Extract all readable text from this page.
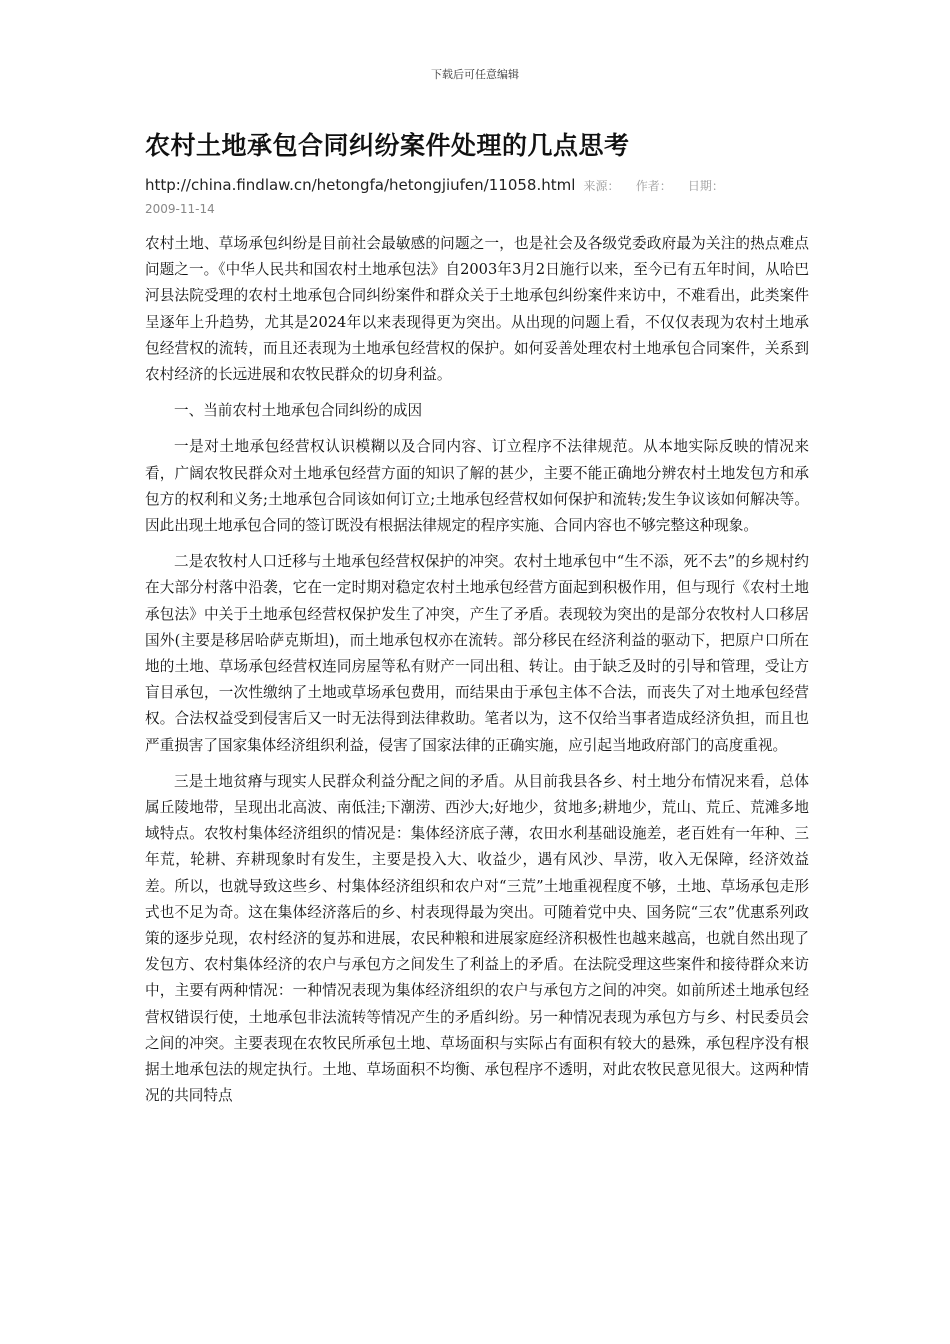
下载后可任意编辑
农村土地承包合同纠纷案件处理的几点思考
http://china.findlaw.cn/hetongfa/hetongjiufen/11058.html 来源： 作者： 日期：
2009-11-14

农村土地、草场承包纠纷是目前社会最敏感的问题之一，也是社会及各级党委政府最为关注的热点难点问题之一。《中华人民共和国农村土地承包法》自2003年3月2日施行以来，至今已有五年时间，从哈巴河县法院受理的农村土地承包合同纠纷案件和群众关于土地承包纠纷案件来访中，不难看出，此类案件呈逐年上升趋势，尤其是2024年以来表现得更为突出。从出现的问题上看，不仅仅表现为农村土地承包经营权的流转，而且还表现为土地承包经营权的保护。如何妥善处理农村土地承包合同案件，关系到农村经济的长远进展和农牧民群众的切身利益。

一、当前农村土地承包合同纠纷的成因

一是对土地承包经营权认识模糊以及合同内容、订立程序不法律规范。从本地实际反映的情况来看，广阔农牧民群众对土地承包经营方面的知识了解的甚少，主要不能正确地分辨农村土地发包方和承包方的权利和义务;土地承包合同该如何订立;土地承包经营权如何保护和流转;发生争议该如何解决等。因此出现土地承包合同的签订既没有根据法律规定的程序实施、合同内容也不够完整这种现象。

二是农牧村人口迁移与土地承包经营权保护的冲突。农村土地承包中“生不添，死不去”的乡规村约在大部分村落中沿袭，它在一定时期对稳定农村土地承包经营方面起到积极作用，但与现行《农村土地承包法》中关于土地承包经营权保护发生了冲突，产生了矛盾。表现较为突出的是部分农牧村人口移居国外(主要是移居哈萨克斯坦)，而土地承包权亦在流转。部分移民在经济利益的驱动下，把原户口所在地的土地、草场承包经营权连同房屋等私有财产一同出租、转让。由于缺乏及时的引导和管理，受让方盲目承包，一次性缴纳了土地或草场承包费用，而结果由于承包主体不合法，而丧失了对土地承包经营权。合法权益受到侵害后又一时无法得到法律救助。笔者以为，这不仅给当事者造成经济负担，而且也严重损害了国家集体经济组织利益，侵害了国家法律的正确实施，应引起当地政府部门的高度重视。

三是土地贫瘠与现实人民群众利益分配之间的矛盾。从目前我县各乡、村土地分布情况来看，总体属丘陵地带，呈现出北高波、南低洼;下潮涝、西沙大;好地少，贫地多;耕地少，荒山、荒丘、荒滩多地域特点。农牧村集体经济组织的情况是：集体经济底子薄，农田水利基础设施差，老百姓有一年种、三年荒，轮耕、弃耕现象时有发生，主要是投入大、收益少，遇有风沙、旱涝，收入无保障，经济效益差。所以，也就导致这些乡、村集体经济组织和农户对“三荒”土地重视程度不够，土地、草场承包走形式也不足为奇。这在集体经济落后的乡、村表现得最为突出。可随着党中央、国务院“三农”优惠系列政策的逐步兑现，农村经济的复苏和进展，农民种粮和进展家庭经济积极性也越来越高，也就自然出现了发包方、农村集体经济的农户与承包方之间发生了利益上的矛盾。在法院受理这些案件和接待群众来访中，主要有两种情况：一种情况表现为集体经济组织的农户与承包方之间的冲突。如前所述土地承包经营权错误行使，土地承包非法流转等情况产生的矛盾纠纷。另一种情况表现为承包方与乡、村民委员会之间的冲突。主要表现在农牧民所承包土地、草场面积与实际占有面积有较大的悬殊，承包程序没有根据土地承包法的规定执行。土地、草场面积不均衡、承包程序不透明，对此农牧民意见很大。这两种情况的共同特点
